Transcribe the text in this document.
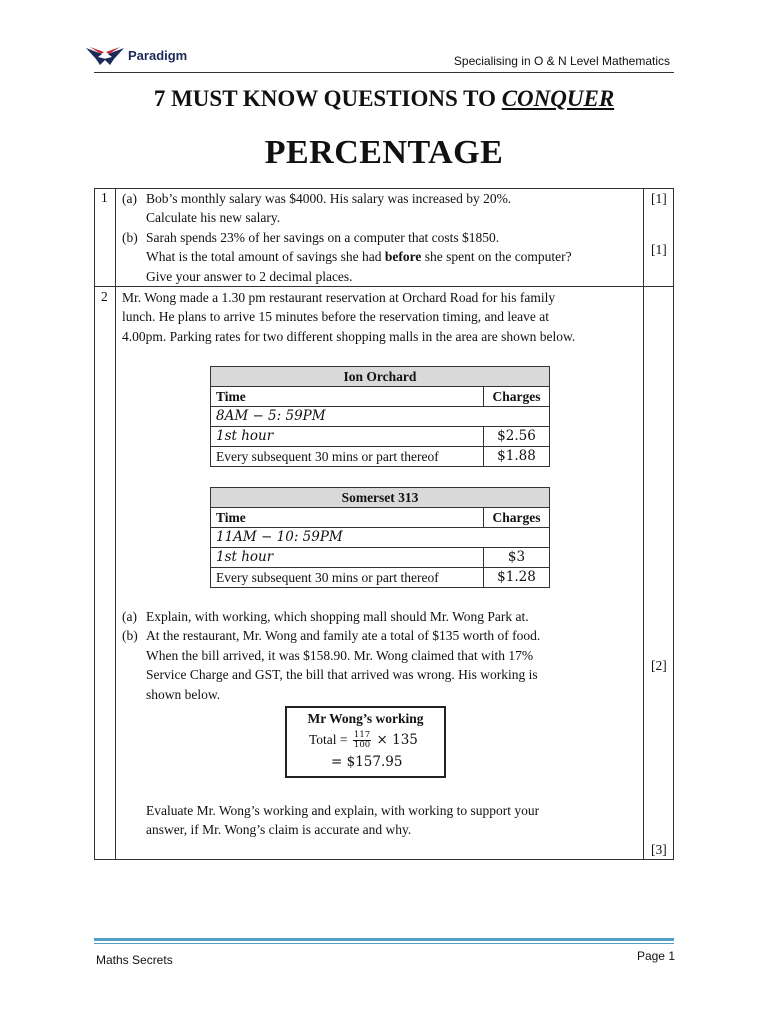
Paradigm	Specialising in O & N Level Mathematics
7 MUST KNOW QUESTIONS TO CONQUER
PERCENTAGE
1 (a) Bob’s monthly salary was $4000. His salary was increased by 20%.
Calculate his new salary.
(b) Sarah spends 23% of her savings on a computer that costs $1850.
What is the total amount of savings she had before she spent on the computer?
Give your answer to 2 decimal places.
[1]
[1]
2 Mr. Wong made a 1.30 pm restaurant reservation at Orchard Road for his family
lunch. He plans to arrive 15 minutes before the reservation timing, and leave at
4.00pm. Parking rates for two different shopping malls in the area are shown below.
Ion Orchard	
Time	Charges
8AM − 5: 59PM	
1st hour	$2.56
Every subsequent 30 mins or part thereof	$1.88
Somerset 313	
Time	Charges
11AM − 10: 59PM	
1st hour	$3
Every subsequent 30 mins or part thereof	$1.28
(a) Explain, with working, which shopping mall should Mr. Wong Park at.
(b) At the restaurant, Mr. Wong and family ate a total of $135 worth of food.
When the bill arrived, it was $158.90. Mr. Wong claimed that with 17%
Service Charge and GST, the bill that arrived was wrong. His working is
shown below.
Mr Wong’s working
Total = $\frac{117}{100} \times 135$
= $157.95
Evaluate Mr. Wong’s working and explain, with working to support your
answer, if Mr. Wong’s claim is accurate and why.
[2]
[3]
Maths Secrets	Page 1
